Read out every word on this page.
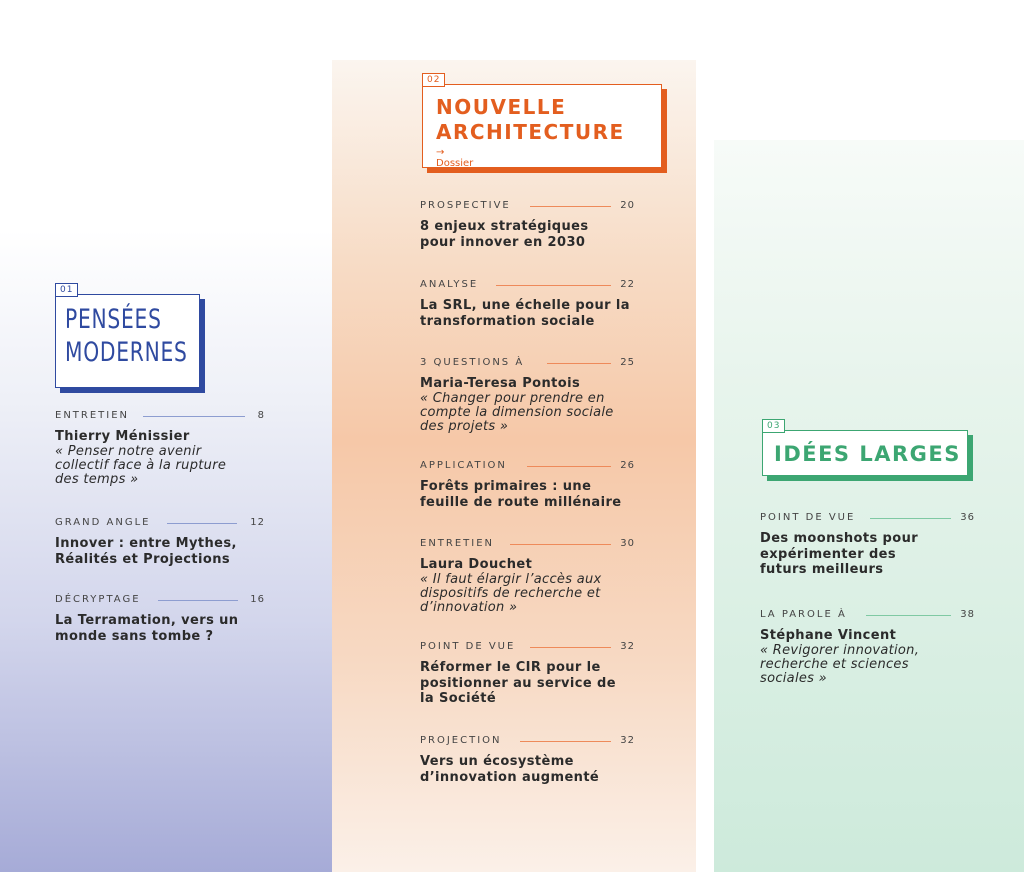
01
PENSÉES MODERNES
02
NOUVELLE ARCHITECTURE
→ Dossier
03
IDÉES LARGES
ENTRETIEN	8
Thierry Ménissier
« Penser notre avenir collectif face à la rupture des temps »
GRAND ANGLE	12
Innover : entre Mythes, Réalités et Projections
DÉCRYPTAGE	16
La Terramation, vers un monde sans tombe ?
PROSPECTIVE	20
8 enjeux stratégiques pour innover en 2030
ANALYSE	22
La SRL, une échelle pour la transformation sociale
3 QUESTIONS À	25
Maria-Teresa Pontois
« Changer pour prendre en compte la dimension sociale des projets »
APPLICATION	26
Forêts primaires : une feuille de route millénaire
ENTRETIEN	30
Laura Douchet
« Il faut élargir l’accès aux dispositifs de recherche et d’innovation »
POINT DE VUE	32
Réformer le CIR pour le positionner au service de la Société
PROJECTION	32
Vers un écosystème d’innovation augmenté
POINT DE VUE	36
Des moonshots pour expérimenter des futurs meilleurs
LA PAROLE À	38
Stéphane Vincent
« Revigorer innovation, recherche et sciences sociales »
